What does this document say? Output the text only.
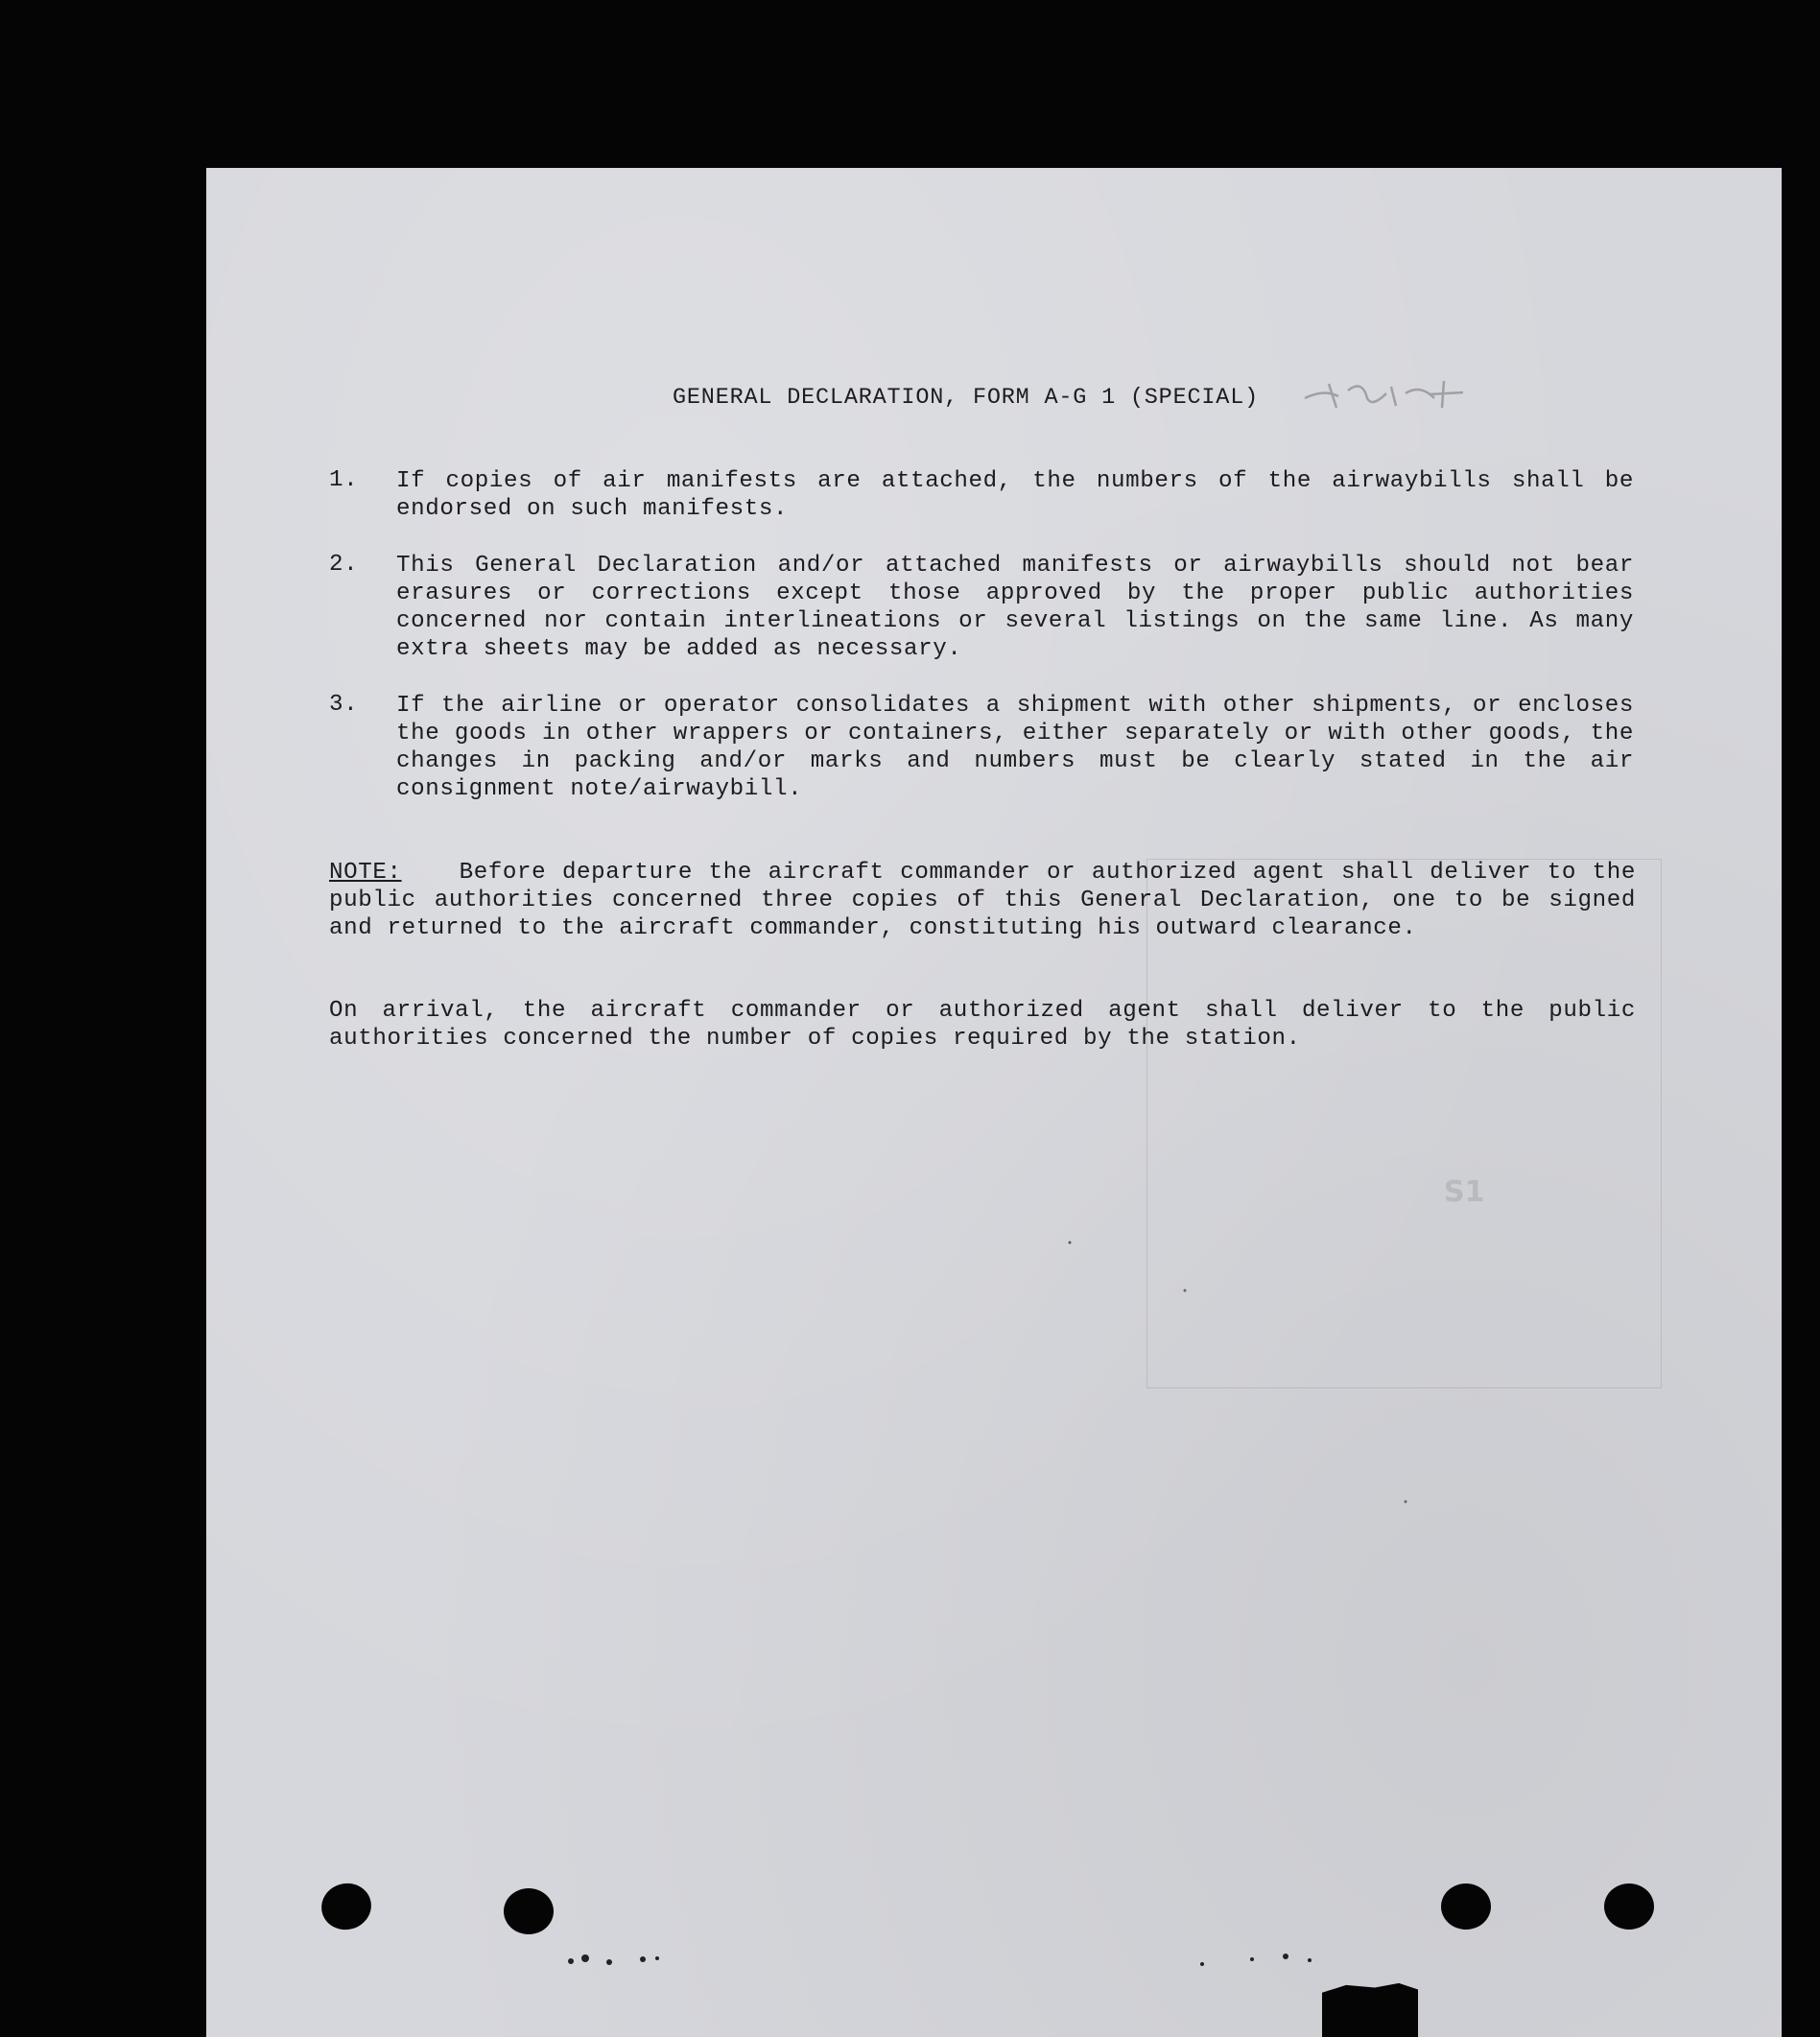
S1
GENERAL DECLARATION, FORM A-G 1 (SPECIAL)
1.	If copies of air manifests are attached, the numbers of the airwaybills shall be endorsed on such manifests.
2.	This General Declaration and/or attached manifests or airwaybills should not bear erasures or corrections except those approved by the proper public authorities concerned nor contain interlineations or several listings on the same line. As many extra sheets may be added as necessary.
3.	If the airline or operator consolidates a shipment with other shipments, or encloses the goods in other wrappers or containers, either separately or with other goods, the changes in packing and/or marks and numbers must be clearly stated in the air consignment note/airwaybill.
NOTE: Before departure the aircraft commander or authorized agent shall deliver to the public authorities concerned three copies of this General Declaration, one to be signed and returned to the aircraft commander, constituting his outward clearance.
On arrival, the aircraft commander or authorized agent shall deliver to the public authorities concerned the number of copies required by the station.
